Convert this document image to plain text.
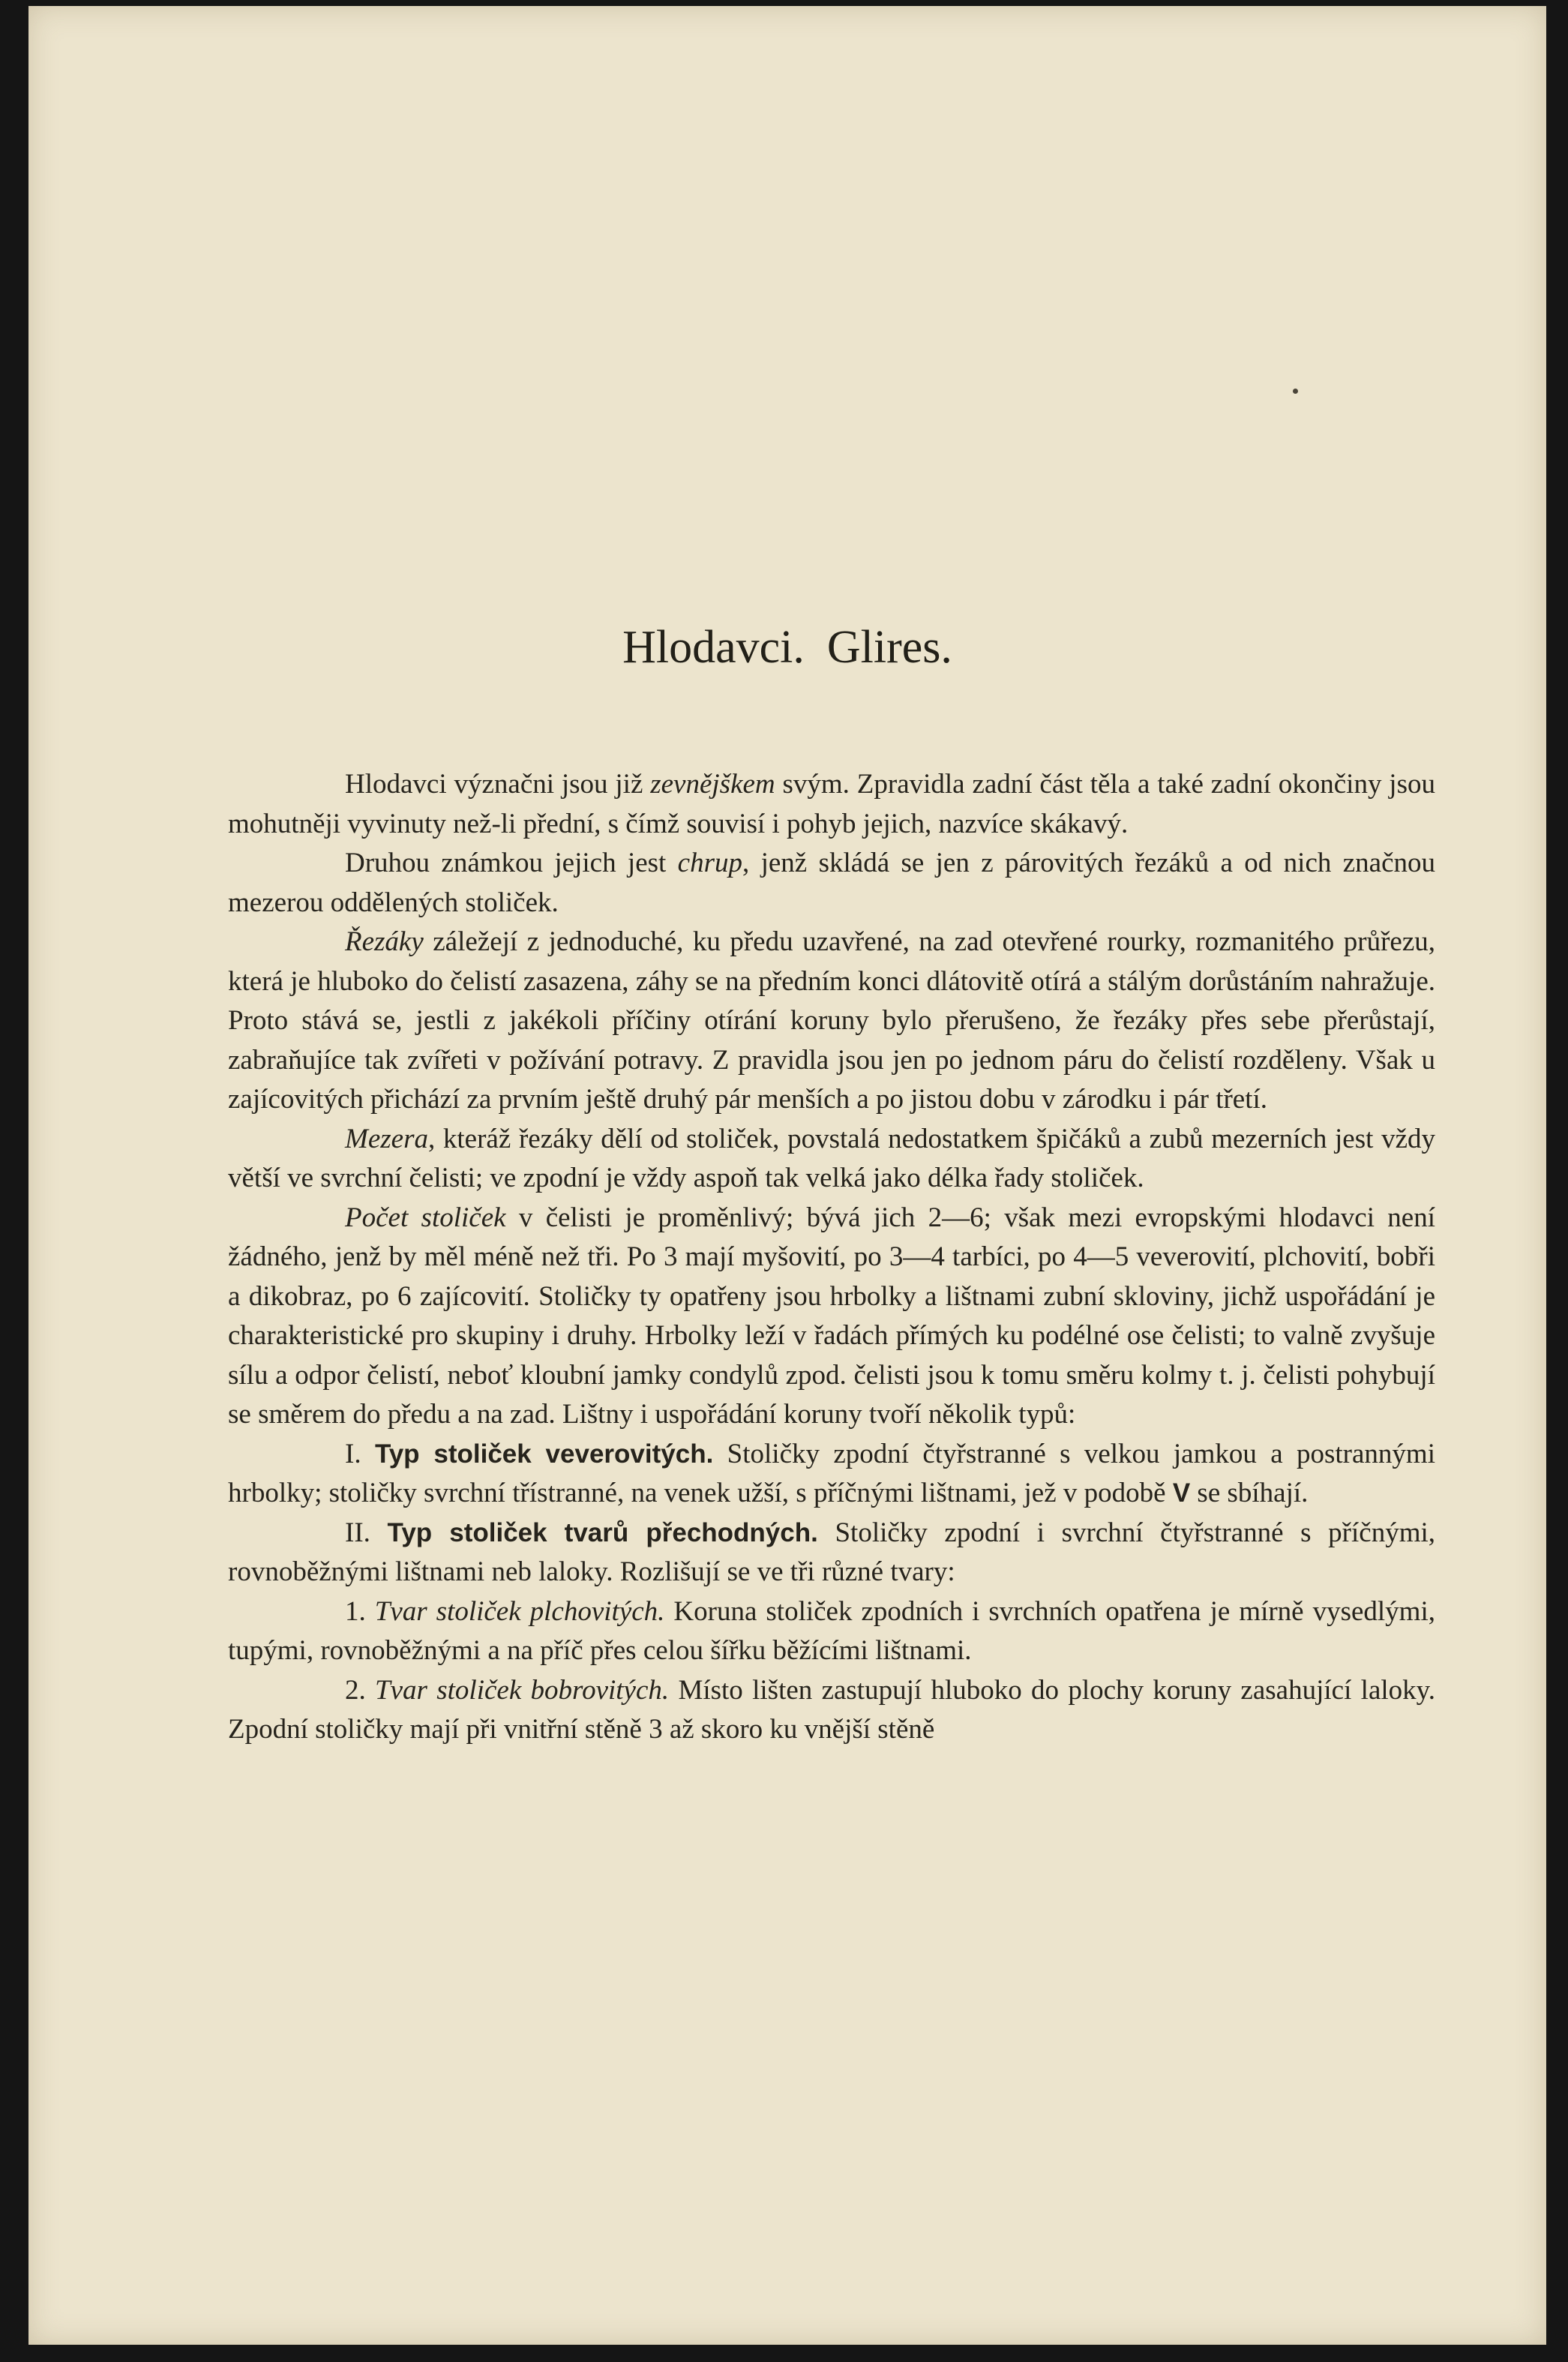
Hlodavci. Glires.

Hlodavci význačni jsou již zevnějškem svým. Zpravidla zadní část těla a také zadní okončiny jsou mohutněji vyvinuty než-li přední, s čímž souvisí i pohyb jejich, nazvíce skákavý.

Druhou známkou jejich jest chrup, jenž skládá se jen z párovitých řezáků a od nich značnou mezerou oddělených stoliček.

Řezáky záležejí z jednoduché, ku předu uzavřené, na zad otevřené rourky, rozmanitého průřezu, která je hluboko do čelistí zasazena, záhy se na předním konci dlátovitě otírá a stálým dorůstáním nahražuje. Proto stává se, jestli z jakékoli příčiny otírání koruny bylo přerušeno, že řezáky přes sebe přerůstají, zabraňujíce tak zvířeti v požívání potravy. Z pravidla jsou jen po jednom páru do čelistí rozděleny. Však u zajícovitých přichází za prvním ještě druhý pár menších a po jistou dobu v zárodku i pár třetí.

Mezera, kteráž řezáky dělí od stoliček, povstalá nedostatkem špičáků a zubů mezerních jest vždy větší ve svrchní čelisti; ve zpodní je vždy aspoň tak velká jako délka řady stoliček.

Počet stoliček v čelisti je proměnlivý; bývá jich 2—6; však mezi evropskými hlodavci není žádného, jenž by měl méně než tři. Po 3 mají myšovití, po 3—4 tarbíci, po 4—5 veverovití, plchovití, bobři a dikobraz, po 6 zajícovití. Stoličky ty opatřeny jsou hrbolky a lištnami zubní skloviny, jichž uspořádání je charakteristické pro skupiny i druhy. Hrbolky leží v řadách přímých ku podélné ose čelisti; to valně zvyšuje sílu a odpor čelistí, neboť kloubní jamky condylů zpod. čelisti jsou k tomu směru kolmy t. j. čelisti pohybují se směrem do předu a na zad. Lištny i uspořádání koruny tvoří několik typů:

I. Typ stoliček veverovitých. Stoličky zpodní čtyřstranné s velkou jamkou a postrannými hrbolky; stoličky svrchní třístranné, na venek užší, s příčnými lištnami, jež v podobě V se sbíhají.

II. Typ stoliček tvarů přechodných. Stoličky zpodní i svrchní čtyřstranné s příčnými, rovnoběžnými lištnami neb laloky. Rozlišují se ve tři různé tvary:

1. Tvar stoliček plchovitých. Koruna stoliček zpodních i svrchních opatřena je mírně vysedlými, tupými, rovnoběžnými a na příč přes celou šířku běžícími lištnami.

2. Tvar stoliček bobrovitých. Místo lišten zastupují hluboko do plochy koruny zasahující laloky. Zpodní stoličky mají při vnitřní stěně 3 až skoro ku vnější stěně
